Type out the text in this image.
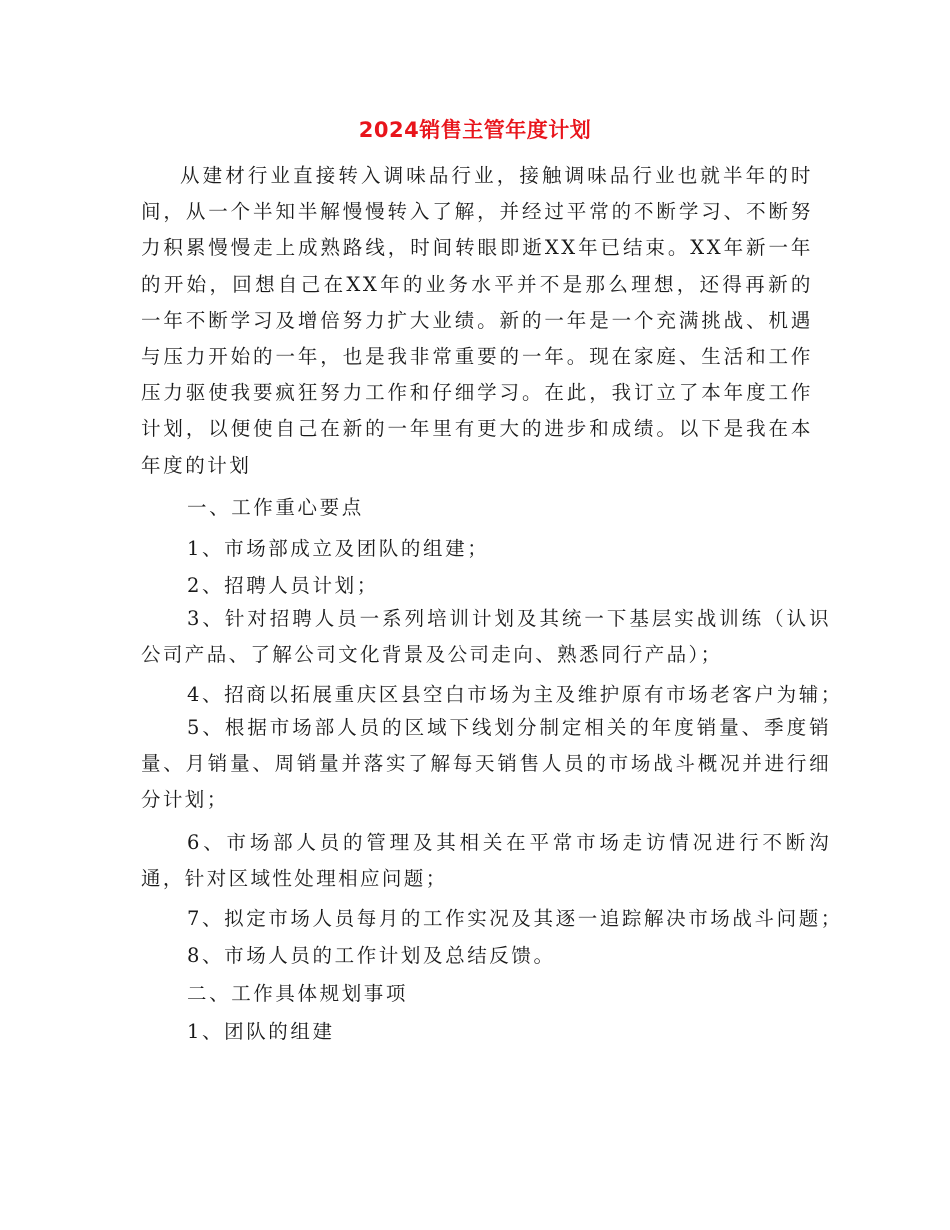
2024销售主管年度计划

从建材行业直接转入调味品行业，接触调味品行业也就半年的时间，从一个半知半解慢慢转入了解，并经过平常的不断学习、不断努力积累慢慢走上成熟路线，时间转眼即逝XX年已结束。XX年新一年的开始，回想自己在XX年的业务水平并不是那么理想，还得再新的一年不断学习及增倍努力扩大业绩。新的一年是一个充满挑战、机遇与压力开始的一年，也是我非常重要的一年。现在家庭、生活和工作压力驱使我要疯狂努力工作和仔细学习。在此，我订立了本年度工作计划，以便使自己在新的一年里有更大的进步和成绩。以下是我在本年度的计划

一、工作重心要点

1、市场部成立及团队的组建；

2、招聘人员计划；

3、针对招聘人员一系列培训计划及其统一下基层实战训练（认识公司产品、了解公司文化背景及公司走向、熟悉同行产品）；

4、招商以拓展重庆区县空白市场为主及维护原有市场老客户为辅；

5、根据市场部人员的区域下线划分制定相关的年度销量、季度销量、月销量、周销量并落实了解每天销售人员的市场战斗概况并进行细分计划；

6、市场部人员的管理及其相关在平常市场走访情况进行不断沟通，针对区域性处理相应问题；

7、拟定市场人员每月的工作实况及其逐一追踪解决市场战斗问题；

8、市场人员的工作计划及总结反馈。

二、工作具体规划事项

1、团队的组建
